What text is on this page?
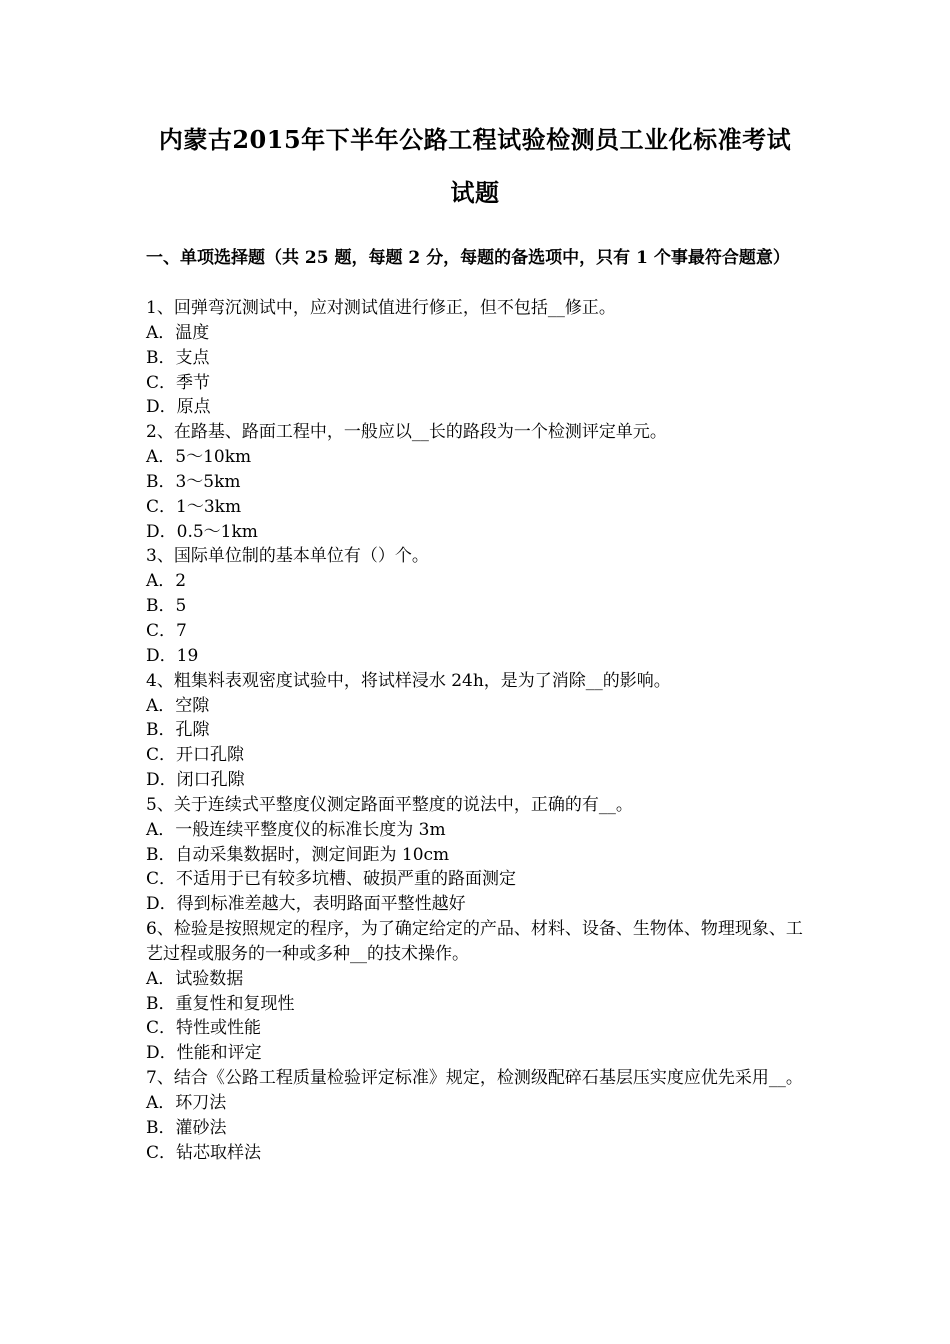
内蒙古2015年下半年公路工程试验检测员工业化标准考试
试题
一、单项选择题（共 25 题，每题 2 分，每题的备选项中，只有 1 个事最符合题意）
1、回弹弯沉测试中，应对测试值进行修正，但不包括__修正。
A．温度
B．支点
C．季节
D．原点
2、在路基、路面工程中，一般应以__长的路段为一个检测评定单元。
A．5～10km
B．3～5km
C．1～3km
D．0.5～1km
3、国际单位制的基本单位有（）个。
A．2
B．5
C．7
D．19
4、粗集料表观密度试验中，将试样浸水 24h，是为了消除__的影响。
A．空隙
B．孔隙
C．开口孔隙
D．闭口孔隙
5、关于连续式平整度仪测定路面平整度的说法中，正确的有__。
A．一般连续平整度仪的标准长度为 3m
B．自动采集数据时，测定间距为 10cm
C．不适用于已有较多坑槽、破损严重的路面测定
D．得到标准差越大，表明路面平整性越好
6、检验是按照规定的程序，为了确定给定的产品、材料、设备、生物体、物理现象、工艺过程或服务的一种或多种__的技术操作。
A．试验数据
B．重复性和复现性
C．特性或性能
D．性能和评定
7、结合《公路工程质量检验评定标准》规定，检测级配碎石基层压实度应优先采用__。
A．环刀法
B．灌砂法
C．钻芯取样法
